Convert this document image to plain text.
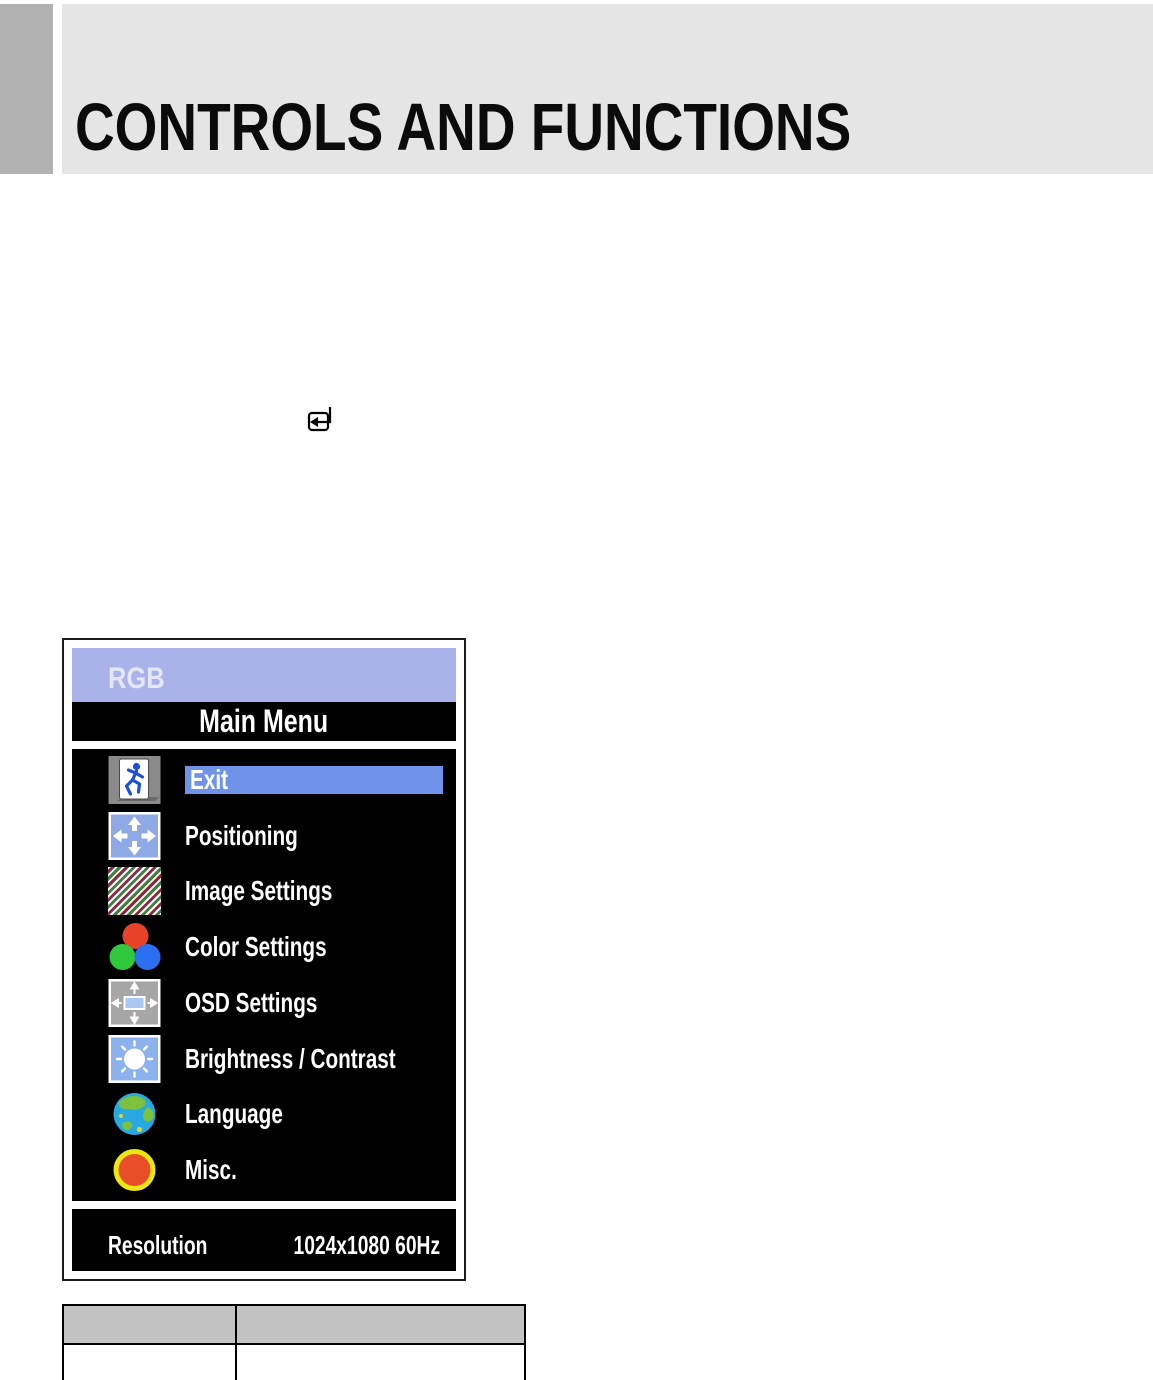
CONTROLS AND FUNCTIONS
RGB
Main Menu
Exit
Positioning
Image Settings
Color Settings
OSD Settings
Brightness / Contrast
Language
Misc.
Resolution	1024x1080 60Hz
